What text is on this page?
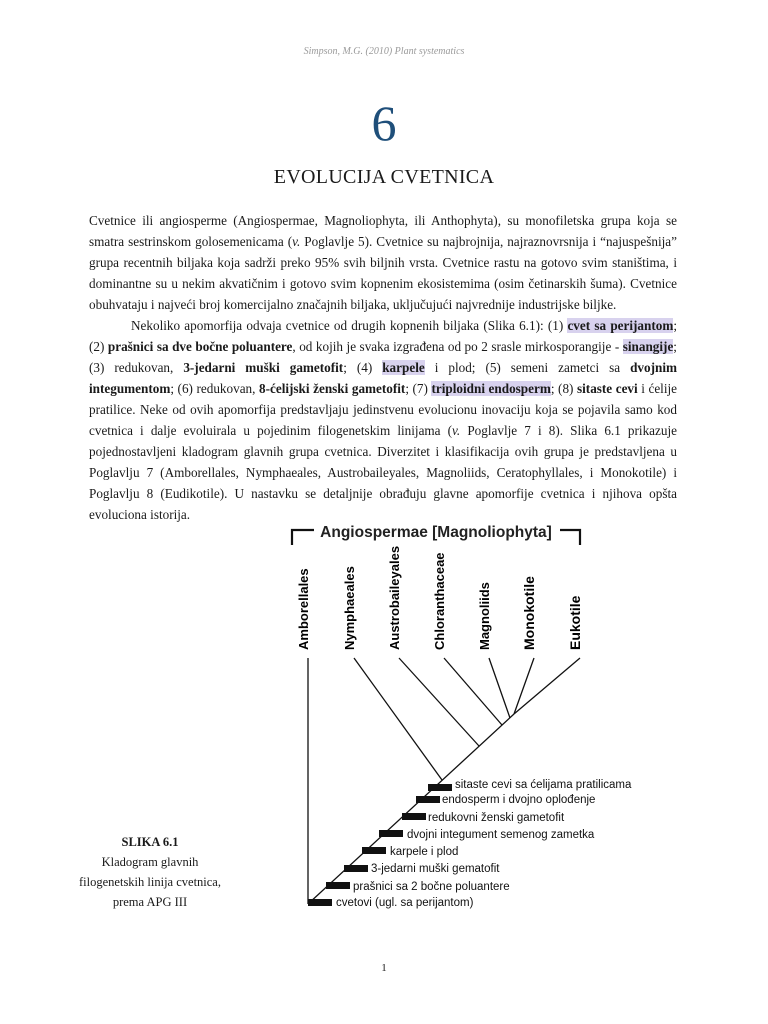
Simpson, M.G. (2010) Plant systematics
6
EVOLUCIJA CVETNICA

Cvetnice ili angiosperme (Angiospermae, Magnoliophyta, ili Anthophyta), su monofiletska grupa koja se smatra sestrinskom golosemenicama (v. Poglavlje 5). Cvetnice su najbrojnija, najraznovrsnija i “najuspešnija” grupa recentnih biljaka koja sadrži preko 95% svih biljnih vrsta. Cvetnice rastu na gotovo svim staništima, i dominantne su u nekim akvatičnim i gotovo svim kopnenim ekosistemima (osim četinarskih šuma). Cvetnice obuhvataju i najveći broj komercijalno značajnih biljaka, uključujući najvrednije industrijske biljke.

Nekoliko apomorfija odvaja cvetnice od drugih kopnenih biljaka (Slika 6.1): (1) cvet sa perijantom; (2) prašnici sa dve bočne poluantere, od kojih je svaka izgrađena od po 2 srasle mirkosporangije - sinangije; (3) redukovan, 3-jedarni muški gametofit; (4) karpele i plod; (5) semeni zametci sa dvojnim integumentom; (6) redukovan, 8-ćelijski ženski gametofit; (7) triploidni endosperm; (8) sitaste cevi i ćelije pratilice. Neke od ovih apomorfija predstavljaju jedinstvenu evolucionu inovaciju koja se pojavila samo kod cvetnica i dalje evoluirala u pojedinim filogenetskim linijama (v. Poglavlje 7 i 8). Slika 6.1 prikazuje pojednostavljeni kladogram glavnih grupa cvetnica. Diverzitet i klasifikacija ovih grupa je predstavljena u Poglavlju 7 (Amborellales, Nymphaeales, Austrobaileyales, Magnoliids, Ceratophyllales, i Monokotile) i Poglavlju 8 (Eudikotile). U nastavku se detaljnije obrađuju glavne apomorfije cvetnica i njihova opšta evoluciona istorija.

Angiospermae [Magnoliophyta]
Amborellales Nymphaeales Austrobaileyales Chloranthaceae Magnoliids Monokotile Eukotile
sitaste cevi sa ćelijama pratilicama
endosperm i dvojno oplođenje
redukovni ženski gametofit
dvojni integument semenog zametka
karpele i plod
3-jedarni muški gematofit
prašnici sa 2 bočne poluantere
cvetovi (ugl. sa perijantom)
SLIKA 6.1
Kladogram glavnih filogenetskih linija cvetnica, prema APG III
1
